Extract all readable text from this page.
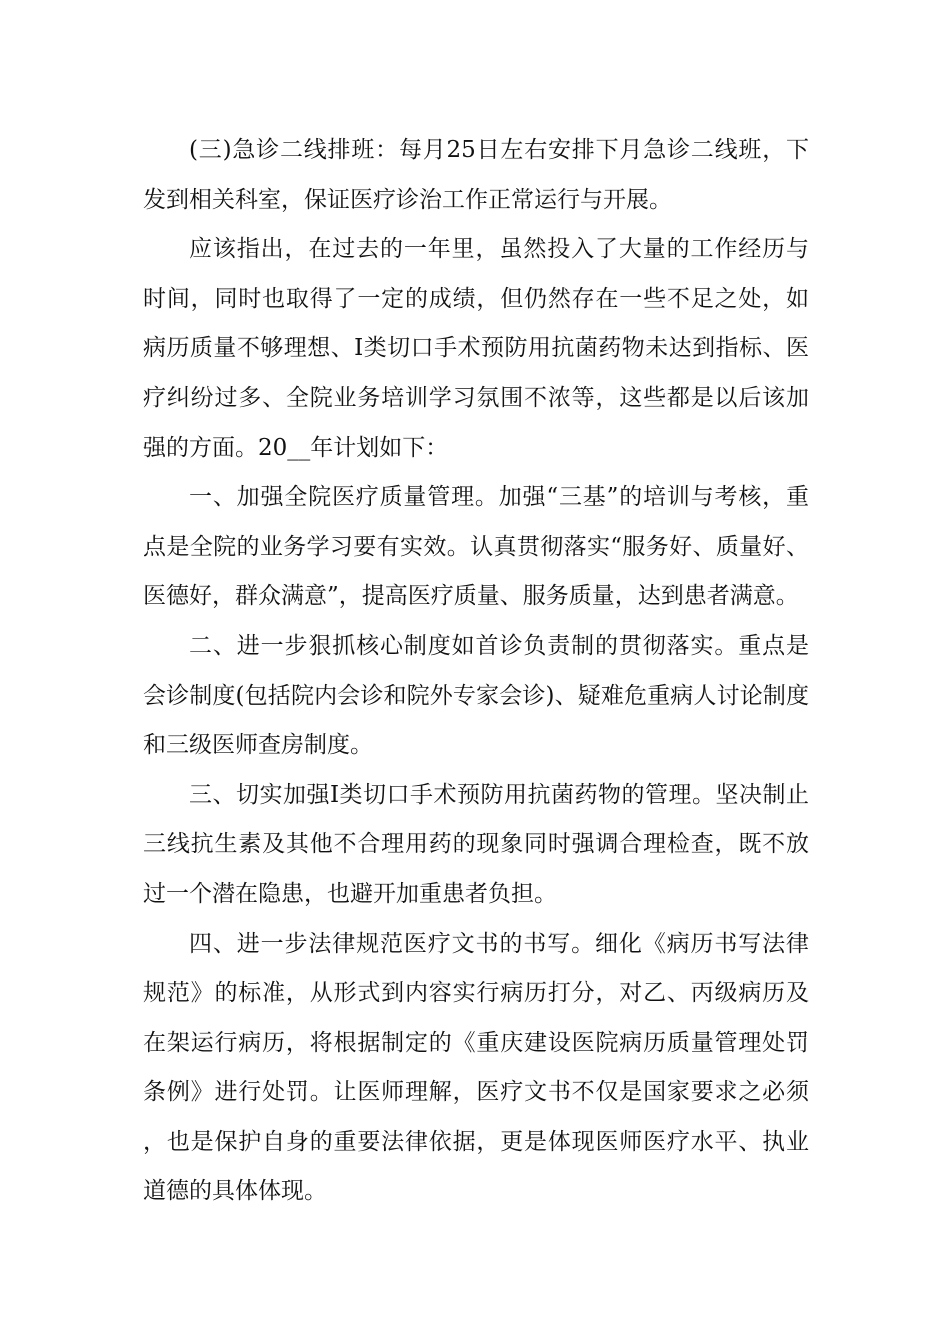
(三)急诊二线排班：每月25日左右安排下月急诊二线班，下发到相关科室，保证医疗诊治工作正常运行与开展。

应该指出，在过去的一年里，虽然投入了大量的工作经历与时间，同时也取得了一定的成绩，但仍然存在一些不足之处，如病历质量不够理想、I类切口手术预防用抗菌药物未达到指标、医疗纠纷过多、全院业务培训学习氛围不浓等，这些都是以后该加强的方面。20__年计划如下：

一、加强全院医疗质量管理。加强“三基”的培训与考核，重点是全院的业务学习要有实效。认真贯彻落实“服务好、质量好、医德好，群众满意”，提高医疗质量、服务质量，达到患者满意。

二、进一步狠抓核心制度如首诊负责制的贯彻落实。重点是会诊制度(包括院内会诊和院外专家会诊)、疑难危重病人讨论制度和三级医师查房制度。

三、切实加强I类切口手术预防用抗菌药物的管理。坚决制止三线抗生素及其他不合理用药的现象同时强调合理检查，既不放过一个潜在隐患，也避开加重患者负担。

四、进一步法律规范医疗文书的书写。细化《病历书写法律规范》的标准，从形式到内容实行病历打分，对乙、丙级病历及在架运行病历，将根据制定的《重庆建设医院病历质量管理处罚条例》进行处罚。让医师理解，医疗文书不仅是国家要求之必须，也是保护自身的重要法律依据，更是体现医师医疗水平、执业道德的具体体现。
